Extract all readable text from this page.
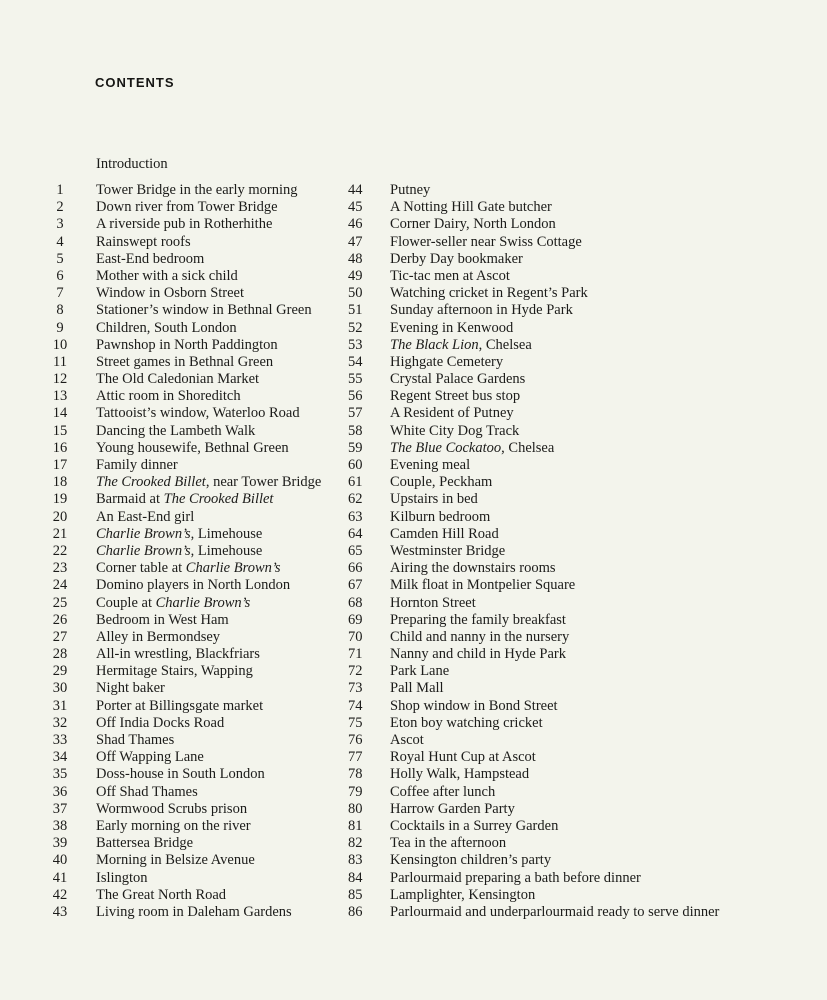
CONTENTS
Introduction
1	Tower Bridge in the early morning
2	Down river from Tower Bridge
3	A riverside pub in Rotherhithe
4	Rainswept roofs
5	East-End bedroom
6	Mother with a sick child
7	Window in Osborn Street
8	Stationer’s window in Bethnal Green
9	Children, South London
10	Pawnshop in North Paddington
11	Street games in Bethnal Green
12	The Old Caledonian Market
13	Attic room in Shoreditch
14	Tattooist’s window, Waterloo Road
15	Dancing the Lambeth Walk
16	Young housewife, Bethnal Green
17	Family dinner
18	The Crooked Billet, near Tower Bridge
19	Barmaid at The Crooked Billet
20	An East-End girl
21	Charlie Brown’s, Limehouse
22	Charlie Brown’s, Limehouse
23	Corner table at Charlie Brown’s
24	Domino players in North London
25	Couple at Charlie Brown’s
26	Bedroom in West Ham
27	Alley in Bermondsey
28	All-in wrestling, Blackfriars
29	Hermitage Stairs, Wapping
30	Night baker
31	Porter at Billingsgate market
32	Off India Docks Road
33	Shad Thames
34	Off Wapping Lane
35	Doss-house in South London
36	Off Shad Thames
37	Wormwood Scrubs prison
38	Early morning on the river
39	Battersea Bridge
40	Morning in Belsize Avenue
41	Islington
42	The Great North Road
43	Living room in Daleham Gardens
44	Putney
45	A Notting Hill Gate butcher
46	Corner Dairy, North London
47	Flower-seller near Swiss Cottage
48	Derby Day bookmaker
49	Tic-tac men at Ascot
50	Watching cricket in Regent’s Park
51	Sunday afternoon in Hyde Park
52	Evening in Kenwood
53	The Black Lion, Chelsea
54	Highgate Cemetery
55	Crystal Palace Gardens
56	Regent Street bus stop
57	A Resident of Putney
58	White City Dog Track
59	The Blue Cockatoo, Chelsea
60	Evening meal
61	Couple, Peckham
62	Upstairs in bed
63	Kilburn bedroom
64	Camden Hill Road
65	Westminster Bridge
66	Airing the downstairs rooms
67	Milk float in Montpelier Square
68	Hornton Street
69	Preparing the family breakfast
70	Child and nanny in the nursery
71	Nanny and child in Hyde Park
72	Park Lane
73	Pall Mall
74	Shop window in Bond Street
75	Eton boy watching cricket
76	Ascot
77	Royal Hunt Cup at Ascot
78	Holly Walk, Hampstead
79	Coffee after lunch
80	Harrow Garden Party
81	Cocktails in a Surrey Garden
82	Tea in the afternoon
83	Kensington children’s party
84	Parlourmaid preparing a bath before dinner
85	Lamplighter, Kensington
86	Parlourmaid and underparlourmaid ready to serve dinner
